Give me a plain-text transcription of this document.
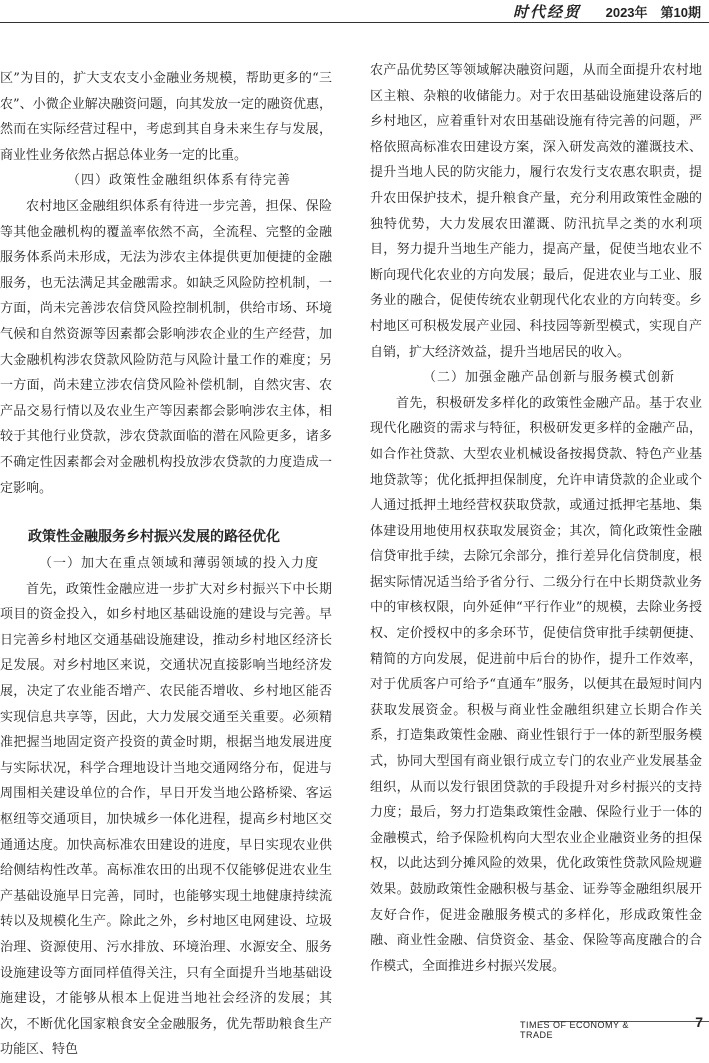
时代经贸 2023年　第10期

区”为目的，扩大支农支小金融业务规模，帮助更多的“三农”、小微企业解决融资问题，向其发放一定的融资优惠，然而在实际经营过程中，考虑到其自身未来生存与发展，商业性业务依然占据总体业务一定的比重。

（四）政策性金融组织体系有待完善

农村地区金融组织体系有待进一步完善，担保、保险等其他金融机构的覆盖率依然不高，全流程、完整的金融服务体系尚未形成，无法为涉农主体提供更加便捷的金融服务，也无法满足其金融需求。如缺乏风险防控机制，一方面，尚未完善涉农信贷风险控制机制，供给市场、环境气候和自然资源等因素都会影响涉农企业的生产经营，加大金融机构涉农贷款风险防范与风险计量工作的难度；另一方面，尚未建立涉农信贷风险补偿机制，自然灾害、农产品交易行情以及农业生产等因素都会影响涉农主体，相较于其他行业贷款，涉农贷款面临的潜在风险更多，诸多不确定性因素都会对金融机构投放涉农贷款的力度造成一定影响。

政策性金融服务乡村振兴发展的路径优化

（一）加大在重点领域和薄弱领域的投入力度

首先，政策性金融应进一步扩大对乡村振兴下中长期项目的资金投入，如乡村地区基础设施的建设与完善。早日完善乡村地区交通基础设施建设，推动乡村地区经济长足发展。对乡村地区来说，交通状况直接影响当地经济发展，决定了农业能否增产、农民能否增收、乡村地区能否实现信息共享等，因此，大力发展交通至关重要。必须精准把握当地固定资产投资的黄金时期，根据当地发展进度与实际状况，科学合理地设计当地交通网络分布，促进与周围相关建设单位的合作，早日开发当地公路桥梁、客运枢纽等交通项目，加快城乡一体化进程，提高乡村地区交通通达度。加快高标准农田建设的进度，早日实现农业供给侧结构性改革。高标准农田的出现不仅能够促进农业生产基础设施早日完善，同时，也能够实现土地健康持续流转以及规模化生产。除此之外，乡村地区电网建设、垃圾治理、资源使用、污水排放、环境治理、水源安全、服务设施建设等方面同样值得关注，只有全面提升当地基础设施建设，才能够从根本上促进当地社会经济的发展；其次，不断优化国家粮食安全金融服务，优先帮助粮食生产功能区、特色

农产品优势区等领域解决融资问题，从而全面提升农村地区主粮、杂粮的收储能力。对于农田基础设施建设落后的乡村地区，应着重针对农田基础设施有待完善的问题，严格依照高标准农田建设方案，深入研发高效的灌溉技术、提升当地人民的防灾能力，履行农发行支农惠农职责，提升农田保护技术，提升粮食产量，充分利用政策性金融的独特优势，大力发展农田灌溉、防汛抗旱之类的水利项目，努力提升当地生产能力，提高产量，促使当地农业不断向现代化农业的方向发展；最后，促进农业与工业、服务业的融合，促使传统农业朝现代化农业的方向转变。乡村地区可积极发展产业园、科技园等新型模式，实现自产自销，扩大经济效益，提升当地居民的收入。

（二）加强金融产品创新与服务模式创新

首先，积极研发多样化的政策性金融产品。基于农业现代化融资的需求与特征，积极研发更多样的金融产品，如合作社贷款、大型农业机械设备按揭贷款、特色产业基地贷款等；优化抵押担保制度，允许申请贷款的企业或个人通过抵押土地经营权获取贷款，或通过抵押宅基地、集体建设用地使用权获取发展资金；其次，简化政策性金融信贷审批手续，去除冗余部分，推行差异化信贷制度，根据实际情况适当给予省分行、二级分行在中长期贷款业务中的审核权限，向外延伸“平行作业”的规模，去除业务授权、定价授权中的多余环节，促使信贷审批手续朝便捷、精简的方向发展，促进前中后台的协作，提升工作效率，对于优质客户可给予“直通车”服务，以便其在最短时间内获取发展资金。积极与商业性金融组织建立长期合作关系，打造集政策性金融、商业性银行于一体的新型服务模式，协同大型国有商业银行成立专门的农业产业发展基金组织，从而以发行银团贷款的手段提升对乡村振兴的支持力度；最后，努力打造集政策性金融、保险行业于一体的金融模式，给予保险机构向大型农业企业融资业务的担保权，以此达到分摊风险的效果，优化政策性贷款风险规避效果。鼓励政策性金融积极与基金、证券等金融组织展开友好合作，促进金融服务模式的多样化，形成政策性金融、商业性金融、信贷资金、基金、保险等高度融合的合作模式，全面推进乡村振兴发展。

TIMES OF ECONOMY & TRADE
7
